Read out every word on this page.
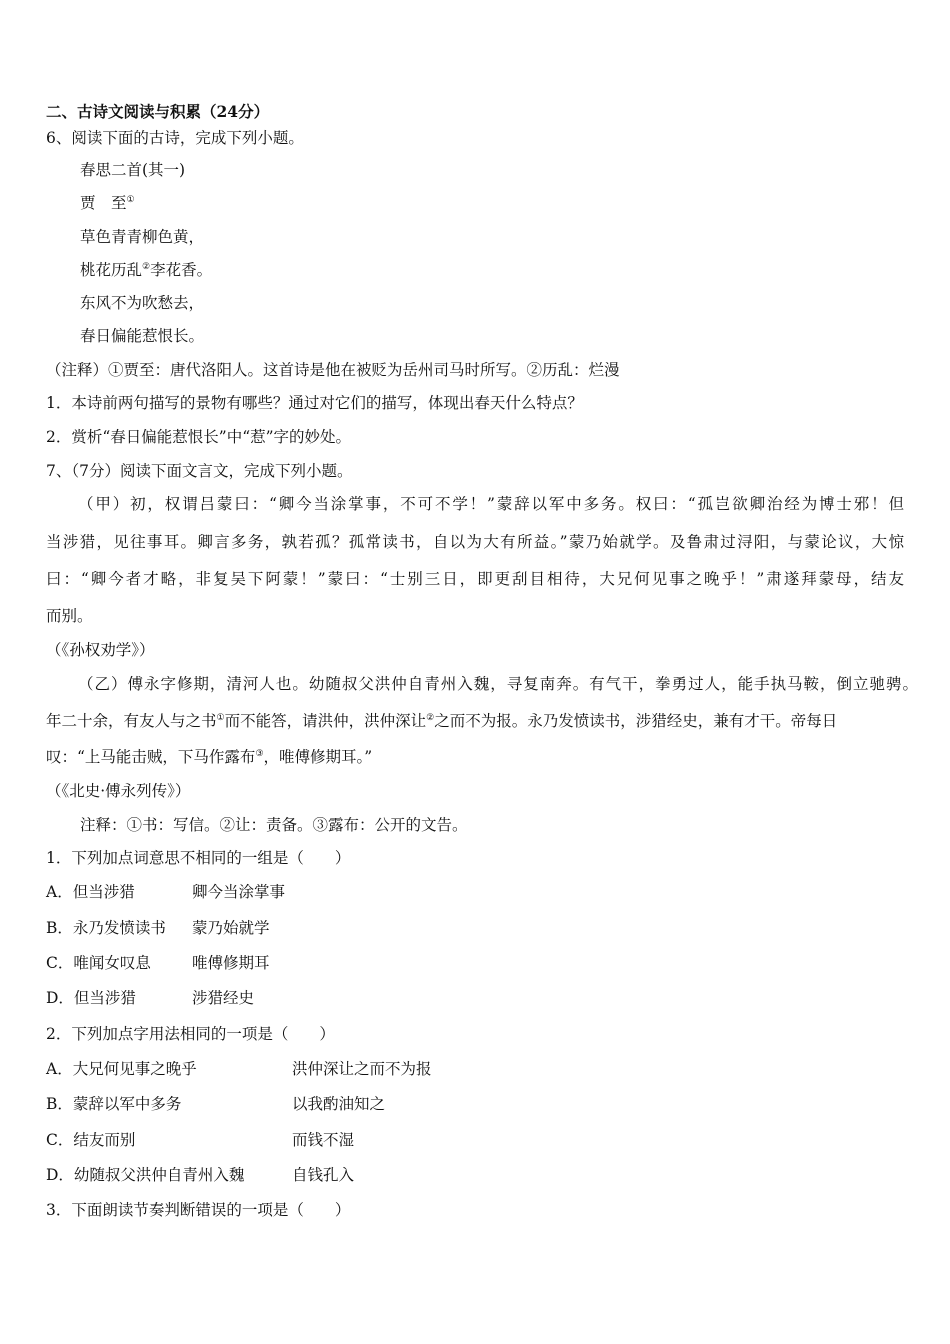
二、古诗文阅读与积累（24分）
6、阅读下面的古诗，完成下列小题。
春思二首(其一)
贾　至①
草色青青柳色黄，
桃花历乱②李花香。
东风不为吹愁去，
春日偏能惹恨长。
（注释）①贾至：唐代洛阳人。这首诗是他在被贬为岳州司马时所写。②历乱：烂漫
1．本诗前两句描写的景物有哪些？通过对它们的描写，体现出春天什么特点？
2．赏析“春日偏能惹恨长”中“惹”字的妙处。
7、（7分）阅读下面文言文，完成下列小题。
（甲）初，权谓吕蒙曰：“卿今当涂掌事，不可不学！”蒙辞以军中多务。权曰：“孤岂欲卿治经为博士邪！但
当涉猎，见往事耳。卿言多务，孰若孤？孤常读书，自以为大有所益。”蒙乃始就学。及鲁肃过浔阳，与蒙论议，大惊
曰：“卿今者才略，非复吴下阿蒙！”蒙曰：“士别三日，即更刮目相待，大兄何见事之晚乎！”肃遂拜蒙母，结友
而别。
（《孙权劝学》）
（乙）傅永字修期，清河人也。幼随叔父洪仲自青州入魏，寻复南奔。有气干，拳勇过人，能手执马鞍，倒立驰骋。
年二十余，有友人与之书①而不能答，请洪仲，洪仲深让②之而不为报。永乃发愤读书，涉猎经史，兼有才干。帝每日
叹：“上马能击贼，下马作露布③，唯傅修期耳。”
（《北史·傅永列传》）
注释：①书：写信。②让：责备。③露布：公开的文告。
1．下列加点词意思不相同的一组是（　　）
A．但当涉猎	卿今当涂掌事
B．永乃发愤读书 蒙乃始就学
C．唯闻女叹息	唯傅修期耳
D．但当涉猎	涉猎经史
2．下列加点字用法相同的一项是（　　）
A．大兄何见事之晚乎	洪仲深让之而不为报
B．蒙辞以军中多务	以我酌油知之
C．结友而别	而钱不湿
D．幼随叔父洪仲自青州入魏	自钱孔入
3．下面朗读节奏判断错误的一项是（　　）
